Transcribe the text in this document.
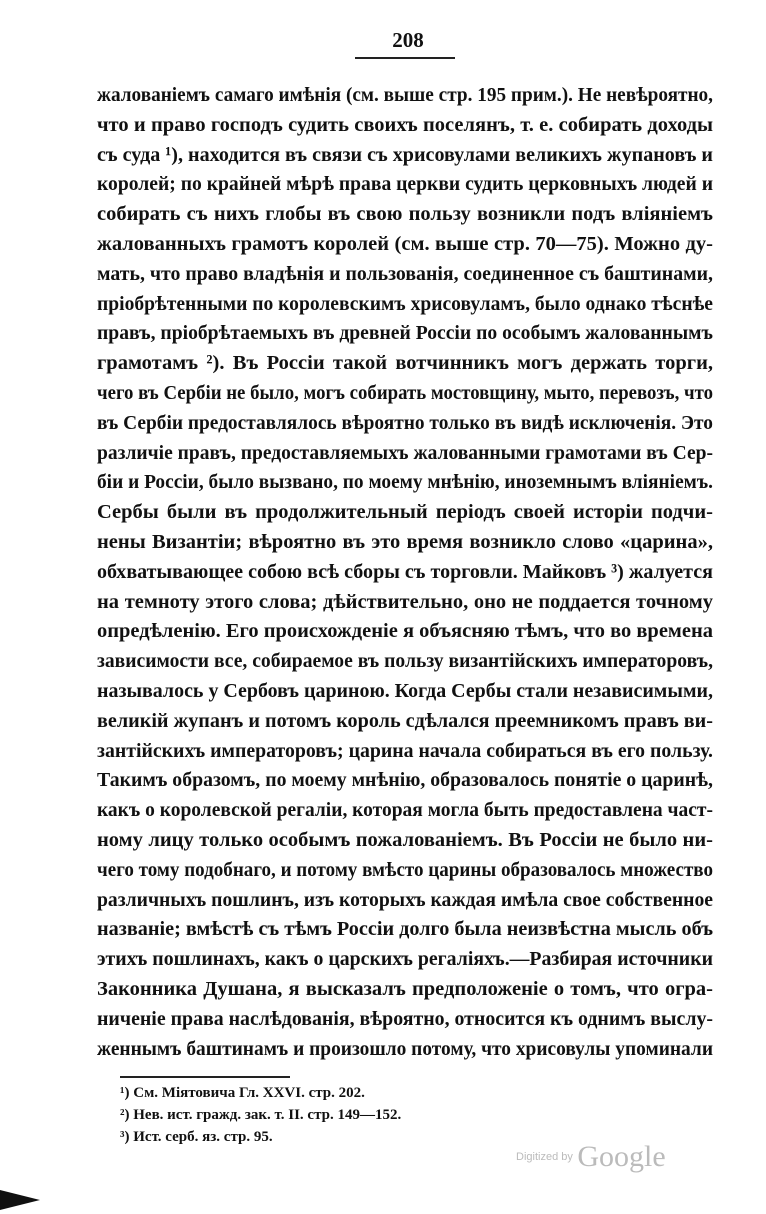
208
жалованіемъ самаго имѣнія (см. выше стр. 195 прим.). Не невѣроятно,
что и право господъ судить своихъ поселянъ, т. е. собирать доходы
съ суда ¹), находится въ связи съ хрисовулами великихъ жупановъ и
королей; по крайней мѣрѣ права церкви судить церковныхъ людей и
собирать съ нихъ глобы въ свою пользу возникли подъ вліяніемъ
жалованныхъ грамотъ королей (см. выше стр. 70—75). Можно ду-
мать, что право владѣнія и пользованія, соединенное съ баштинами,
пріобрѣтенными по королевскимъ хрисовуламъ, было однако тѣснѣе
правъ, пріобрѣтаемыхъ въ древней Россіи по особымъ жалованнымъ
грамотамъ ²). Въ Россіи такой вотчинникъ могъ держать торги,
чего въ Сербіи не было, могъ собирать мостовщину, мыто, перевозъ, что
въ Сербіи предоставлялось вѣроятно только въ видѣ исключенія. Это
различіе правъ, предоставляемыхъ жалованными грамотами въ Сер-
біи и Россіи, было вызвано, по моему мнѣнію, иноземнымъ вліяніемъ.
Сербы были въ продолжительный періодъ своей исторіи подчи-
нены Византіи; вѣроятно въ это время возникло слово «царина»,
обхватывающее собою всѣ сборы съ торговли. Майковъ ³) жалуется
на темноту этого слова; дѣйствительно, оно не поддается точному
опредѣленію. Его происхожденіе я объясняю тѣмъ, что во времена
зависимости все, собираемое въ пользу византійскихъ императоровъ,
называлось у Сербовъ цариною. Когда Сербы стали независимыми,
великій жупанъ и потомъ король сдѣлался преемникомъ правъ ви-
зантійскихъ императоровъ; царина начала собираться въ его пользу.
Такимъ образомъ, по моему мнѣнію, образовалось понятіе о царинѣ,
какъ о королевской регаліи, которая могла быть предоставлена част-
ному лицу только особымъ пожалованіемъ. Въ Россіи не было ни-
чего тому подобнаго, и потому вмѣсто царины образовалось множество
различныхъ пошлинъ, изъ которыхъ каждая имѣла свое собственное
названіе; вмѣстѣ съ тѣмъ Россіи долго была неизвѣстна мысль объ
этихъ пошлинахъ, какъ о царскихъ регаліяхъ.—Разбирая источники
Законника Душана, я высказалъ предположеніе о томъ, что огра-
ниченіе права наслѣдованія, вѣроятно, относится къ однимъ выслу-
женнымъ баштинамъ и произошло потому, что хрисовулы упоминали
¹) См. Міятовича Гл. XXVI. стр. 202.
²) Нев. ист. гражд. зак. т. II. стр. 149—152.
³) Ист. серб. яз. стр. 95.
Digitized by Google
